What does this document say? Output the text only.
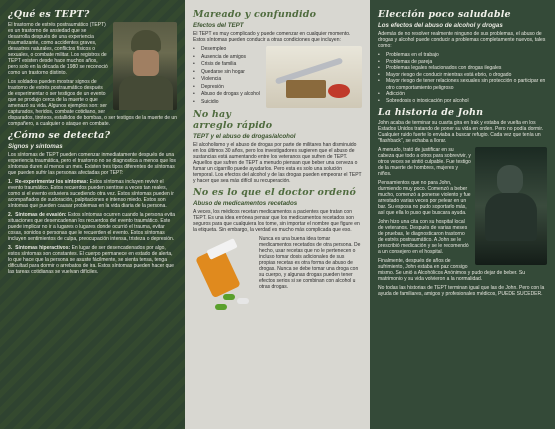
¿Qué es TEPT?

El trastorno de estrés postraumático (TEPT) es un trastorno de ansiedad que se desarrolla después de una experiencia traumatizante, como accidentes graves, desastres naturales, conflictos físicos o sexuales, o combate militar. Los registros de TEPT existen desde hace muchos años, pero solo en la década de 1980 se reconoció como un trastorno distinto.

Los soldados pueden mostrar signos de trastorno de estrés postraumático después de experimentar o ser testigos de un evento que se produjo cerca de la muerte o que amenazó su vida. Algunos ejemplos son: ser capturados, heridos, combate cotidiano, ser disparados, tiroteos, estallidos de bombas, o ser testigos de la muerte de un compañero, a cualquier o ataque en combate.

¿Cómo se detecta?
Signos y síntomas

Los síntomas de TEPT pueden comenzar inmediatamente después de una experiencia traumática, pero el trastorno no se diagnostica a menos que los síntomas duren al menos un mes. Existen tres tipos diferentes de síntomas que pueden sufrir las personas afectadas por TEPT:

1. Re-experimentar los síntomas: Estos síntomas incluyen revivir el evento traumático. Estos recuerdos pueden sentirse a veces tan reales, como si el evento estuviera sucediendo otra vez. Estos síntomas pueden ir acompañados de sudoración, palpitaciones e intenso miedo. Estos son síntomas que pueden causar problemas en la vida diaria de la persona.
2. Síntomas de evasión: Estos síntomas ocurren cuando la persona evita situaciones que desencadenan los recuerdos del evento traumático. Este puede implicar no ir a lugares o lugares donde ocurrió el trauma, evitar cosas, sonidos o personas que le recuerden el evento. Estos síntomas incluyen sentimientos de culpa, preocupación intensa, tristeza o depresión.
3. Síntomas hiperactivos: En lugar de ser desencadenados por algo, estos síntomas son constantes. El cuerpo permanece en estado de alerta, lo que hace que la persona se asuste fácilmente, se sienta tensa, tenga dificultad para dormir o arrebatos de ira. Estos síntomas pueden hacer que las tareas cotidianas se vuelvan difíciles.
Mareado y confundido
Efectos del TEPT

El TEPT es muy complicado y puede comenzar en cualquier momento. Estos síntomas pueden conducir a otras condiciones que incluyen:

• Desempleo
• Ausencia de amigos
• Crisis de familia
• Quedarse sin hogar
• Violencia
• Depresión
• Abuso de drogas y alcohol
• Suicidio
No hay arreglo rápido
TEPT y el abuso de drogas/alcohol

El alcoholismo y el abuso de drogas por parte de militares han disminuido en los últimos 30 años, pero los investigadores sugieren que el abuso de sustancias está aumentando entre los veteranos que sufren de TEPT. Aquellos que sufren de TEPT a menudo piensan que beber una cerveza o fumar un cigarrillo puede ayudarlos. Pero esta es solo una solución temporal. Los efectos del alcohol y de las drogas pueden empeorar el TEPT y hacer que sea más difícil su recuperación.

No es lo que el doctor ordenó
Abuso de medicamentos recetados

A veces, los médicos recetan medicamentos a pacientes que tratan con TEPT. Es una idea errónea pensar que los medicamentos recetados son seguros para que cualquiera los tome, sin importar el nombre que figure en la etiqueta. Sin embargo, la verdad es mucho más complicada que eso.

Nunca es una buena idea tomar medicamentos recetados de otra persona. De hecho, usar recetas que no le pertenecen o incluso tomar dosis adicionales de sus propias recetas es otra forma de abuso de drogas. Nunca se debe tomar una droga con su cuerpo, y algunas drogas pueden tener efectos serios si se combinan con alcohol u otras drogas.

Elección poco saludable
Los efectos del abuso de alcohol y drogas

Además de no resolver realmente ninguno de sus problemas, el abuso de drogas y alcohol puede conducir a problemas completamente nuevos, tales como:

• Problemas en el trabajo
• Problemas de pareja
• Problemas legales relacionados con drogas ilegales
• Mayor riesgo de conducir mientras está ebrio, o drogado
• Mayor riesgo de tener relaciones sexuales sin protección o participar en otro comportamiento peligroso
• Adicción
• Sobredosis o intoxicación por alcohol
La historia de John

John acaba de terminar su cuarta gira en Irak y estaba de vuelta en los Estados Unidos tratando de poner su vida en orden. Pero no podía dormir. Cualquier ruido fuerte lo enviaba a buscar refugio. Cada vez que tenía un "flashback", se echaba a llorar.

A menudo, trató de justificar en su cabeza que todo a otros para sobrevivir, y otros veces se sintió culpable. Fue testigo de la muerte de hombres, mujeres y niños.

Pensamientos que no para John, durmiendo muy poco. Comenzó a beber mucho, comenzó a ponerse violento y fue arrestado varias veces por pelear en un bar. Su esposa no pudo soportarlo más, así que ella lo puso que buscara ayuda.

John hizo una cita con su hospital local de veteranos. Después de varias meses de pruebas, le diagnosticaron trastorno de estrés postraumático. A John se le prescribió medicación y se le recomendó a un consejero en el hospital.

Finalmente, después de años de sufrimiento, John estaba en paz consigo mismo. Se unió a Alcohólicos Anónimos y pudo dejar de beber. Su matrimonio y su vida volvieron a la normalidad.

No todas las historias de TEPT terminan igual que las de John. Pero con la ayuda de familiares, amigos y profesionales médicos, PUEDE SUCEDER.
